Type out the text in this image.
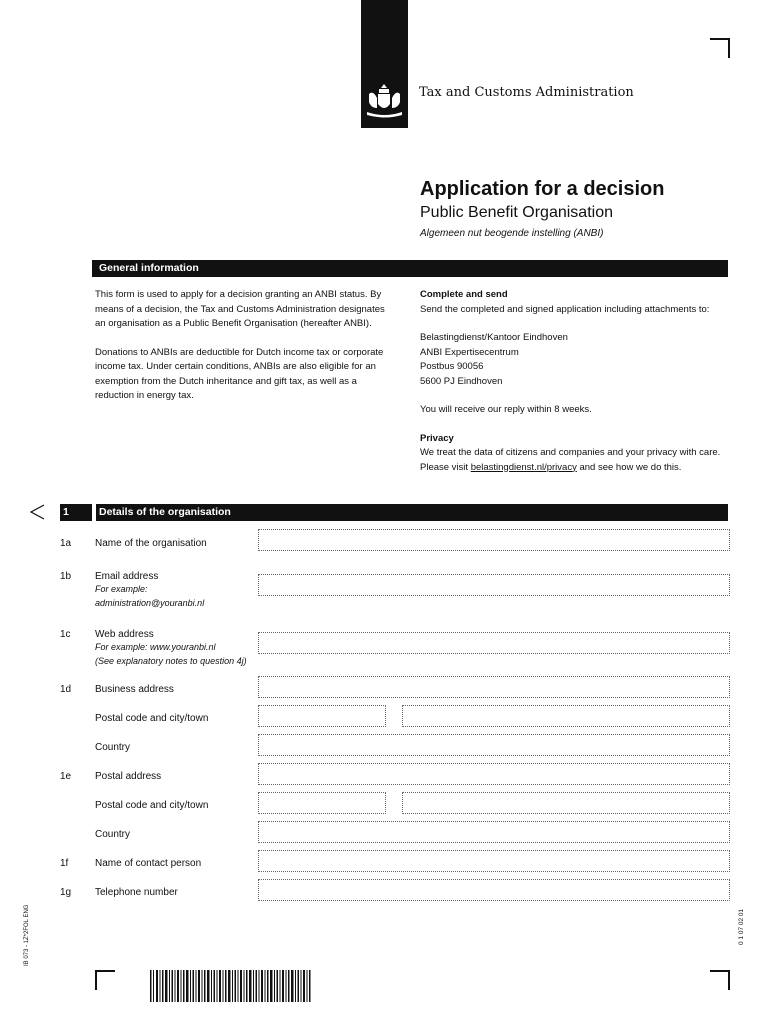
Tax and Customs Administration
Application for a decision
Public Benefit Organisation
Algemeen nut beogende instelling (ANBI)
General information

This form is used to apply for a decision granting an ANBI status. By means of a decision, the Tax and Customs Administration designates an organisation as a Public Benefit Organisation (hereafter ANBI).

Donations to ANBIs are deductible for Dutch income tax or corporate income tax. Under certain conditions, ANBIs are also eligible for an exemption from the Dutch inheritance and gift tax, as well as a reduction in energy tax.

Complete and send

Send the completed and signed application including attachments to:

Belastingdienst/Kantoor Eindhoven

ANBI Expertisecentrum

Postbus 90056

5600 PJ Eindhoven

You will receive our reply within 8 weeks.

Privacy

We treat the data of citizens and companies and your privacy with care.

Please visit belastingdienst.nl/privacy and see how we do this.

1	Details of the organisation
1a Name of the organisation
1b Email address
For example:
administration@youranbi.nl
1c Web address
For example: www.youranbi.nl
(See explanatory notes to question 4j)
1d Business address
Postal code and city/town
Country
1e Postal address
Postal code and city/town
Country
1f	Name of contact person
1g Telephone number
IB 073 - 1Z*2FOL ENG	0 1 07 02 01
